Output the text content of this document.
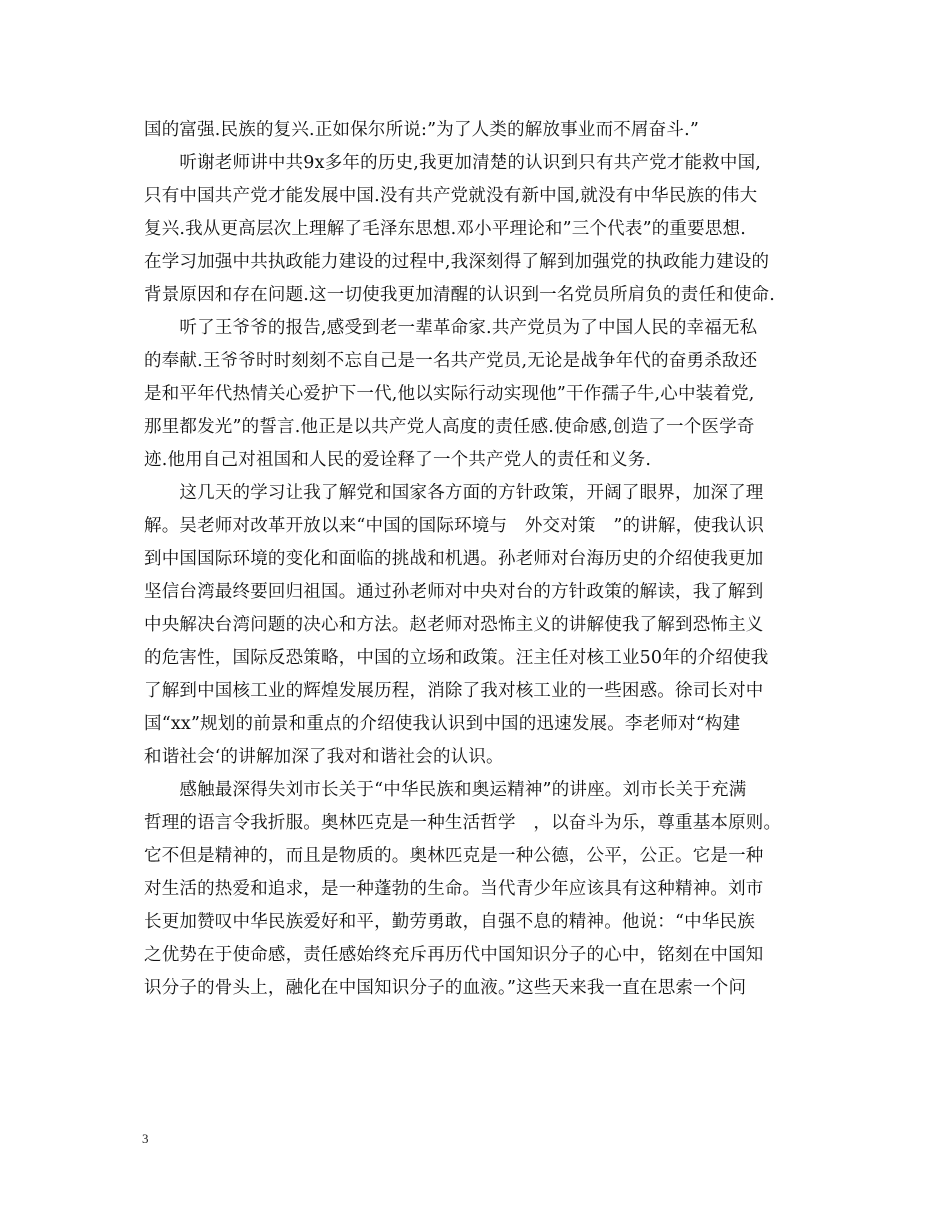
国的富强.民族的复兴.正如保尔所说:”为了人类的解放事业而不屑奋斗.”
　　听谢老师讲中共9x多年的历史,我更加清楚的认识到只有共产党才能救中国,
只有中国共产党才能发展中国.没有共产党就没有新中国,就没有中华民族的伟大
复兴.我从更高层次上理解了毛泽东思想.邓小平理论和”三个代表”的重要思想.
在学习加强中共执政能力建设的过程中,我深刻得了解到加强党的执政能力建设的
背景原因和存在问题.这一切使我更加清醒的认识到一名党员所肩负的责任和使命.
　　听了王爷爷的报告,感受到老一辈革命家.共产党员为了中国人民的幸福无私
的奉献.王爷爷时时刻刻不忘自己是一名共产党员,无论是战争年代的奋勇杀敌还
是和平年代热情关心爱护下一代,他以实际行动实现他”干作孺子牛,心中装着党,
那里都发光”的誓言.他正是以共产党人高度的责任感.使命感,创造了一个医学奇
迹.他用自己对祖国和人民的爱诠释了一个共产党人的责任和义务.
　　这几天的学习让我了解党和国家各方面的方针政策，开阔了眼界，加深了理
解。吴老师对改革开放以来“中国的国际环境与　外交对策　”的讲解，使我认识
到中国国际环境的变化和面临的挑战和机遇。孙老师对台海历史的介绍使我更加
坚信台湾最终要回归祖国。通过孙老师对中央对台的方针政策的解读，我了解到
中央解决台湾问题的决心和方法。赵老师对恐怖主义的讲解使我了解到恐怖主义
的危害性，国际反恐策略，中国的立场和政策。汪主任对核工业50年的介绍使我
了解到中国核工业的辉煌发展历程，消除了我对核工业的一些困惑。徐司长对中
国“xx”规划的前景和重点的介绍使我认识到中国的迅速发展。李老师对“构建
和谐社会‘的讲解加深了我对和谐社会的认识。
　　感触最深得失刘市长关于“中华民族和奥运精神”的讲座。刘市长关于充满
哲理的语言令我折服。奥林匹克是一种生活哲学　，以奋斗为乐，尊重基本原则。
它不但是精神的，而且是物质的。奥林匹克是一种公德，公平，公正。它是一种
对生活的热爱和追求，是一种蓬勃的生命。当代青少年应该具有这种精神。刘市
长更加赞叹中华民族爱好和平，勤劳勇敢，自强不息的精神。他说：“中华民族
之优势在于使命感，责任感始终充斥再历代中国知识分子的心中，铭刻在中国知
识分子的骨头上，融化在中国知识分子的血液。”这些天来我一直在思索一个问
3
